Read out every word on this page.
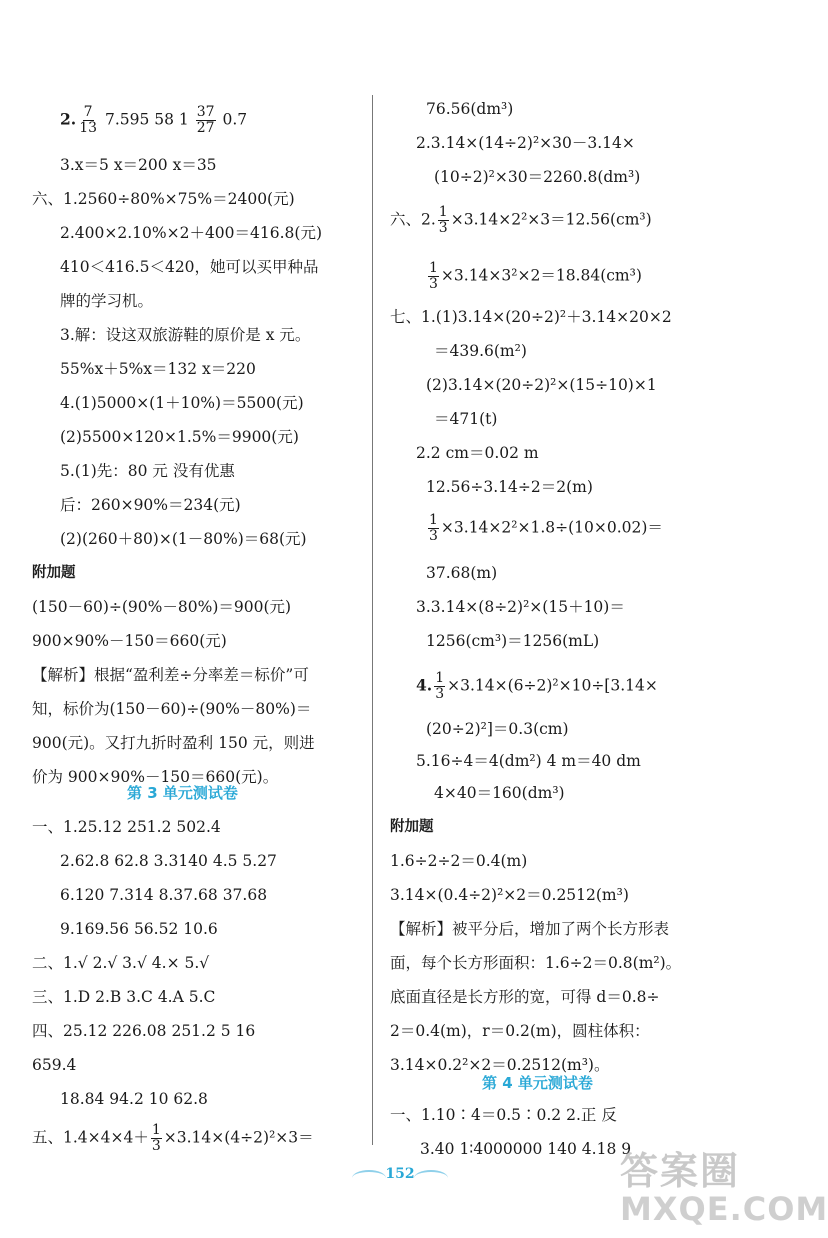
2. $\frac{7}{13} 7.595$ 58 $1 \frac{37}{27} 0.7$
3.x＝5 x＝200 x＝35
六、1.2560÷80%×75%＝2400(元)
2.400×2.10%×2＋400＝416.8(元)
410＜416.5＜420，她可以买甲种品
牌的学习机。
3.解：设这双旅游鞋的原价是 x 元。
55%x＋5%x＝132 x＝220
4.(1)5000×(1＋10%)＝5500(元)
(2)5500×120×1.5%＝9900(元)
5.(1)先：80 元 没有优惠
后：260×90%＝234(元)
(2)(260＋80)×(1－80%)＝68(元)
附加题
(150－60)÷(90%－80%)＝900(元)
900×90%－150＝660(元)
【解析】根据“盈利差÷分率差＝标价”可
知，标价为(150－60)÷(90%－80%)＝
900(元)。又打九折时盈利 150 元，则进
价为 900×90%－150＝660(元)。
第 3 单元测试卷
一、1.25.12 251.2 502.4
2.62.8 62.8 3.3140 4.5 5.27
6.120 7.314 8.37.68 37.68
9.169.56 56.52 10.6
二、1.√ 2.√ 3.√ 4.× 5.√
三、1.D 2.B 3.C 4.A 5.C
四、25.12 226.08 251.2 5 16
659.4
18.84 94.2 10 62.8
五、$1.4\times 4\times 4+ \frac{1}{3} \times 3.14\times(4\div 2)^2\times 3=$
76.56(dm³)
2.3.14×(14÷2)²×30－3.14×
(10÷2)²×30＝2260.8(dm³)
六、2. $\frac{1}{3} \times 3.14\times 2^2\times 3=12.56(cm^3)$
$\frac{1}{3} \times 3.14\times 3^2\times 2=18.84(cm^3)$
七、1.(1)3.14×(20÷2)²＋3.14×20×2
＝439.6(m²)
(2)3.14×(20÷2)²×(15÷10)×1
＝471(t)
2.2 cm＝0.02 m
12.56÷3.14÷2＝2(m)
$\frac{1}{3} \times 3.14\times 2^2\times 1.8\div(10\times 0.02)=$
37.68(m)
3.3.14×(8÷2)²×(15＋10)＝
1256(cm³)＝1256(mL)
4. $\frac{1}{3} \times 3.14\times(6\div 2)^2\times 10\div[3.14\times$
(20÷2)²]＝0.3(cm)
5.16÷4＝4(dm²) 4 m＝40 dm
4×40＝160(dm³)
附加题
1.6÷2÷2＝0.4(m)
3.14×(0.4÷2)²×2＝0.2512(m³)
【解析】被平分后，增加了两个长方形表
面，每个长方形面积：1.6÷2＝0.8(m²)。
底面直径是长方形的宽，可得 d＝0.8÷
2＝0.4(m)，r＝0.2(m)，圆柱体积：
3.14×0.2²×2＝0.2512(m³)。
第 4 单元测试卷
一、1.10∶4＝0.5∶0.2 2.正 反
3.40 1∶4000000 140 4.18 9
152	答案圈
MXQE.COM
